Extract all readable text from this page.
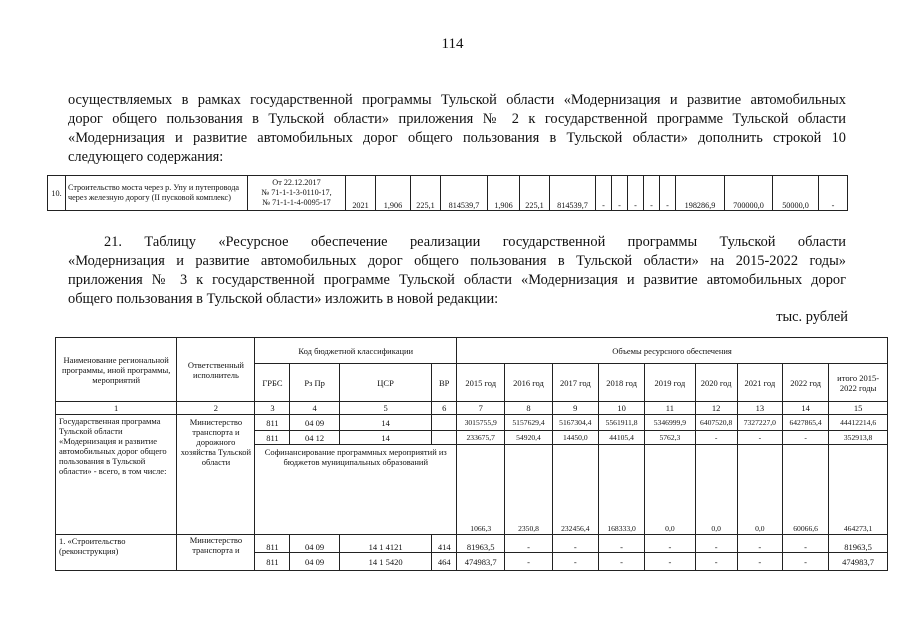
114

осуществляемых в рамках государственной программы Тульской области «Модернизация и развитие автомобильных

дорог общего пользования в Тульской области» приложения № 2 к государственной программе Тульской области

«Модернизация и развитие автомобильных дорог общего пользования в Тульской области» дополнить строкой 10

следующего содержания:

10.	Строительство моста через р. Упу и путепровода через железную дорогу (II пусковой комплекс)	
От 22.12.2017
№ 71-1-1-3-0110-17,
№ 71-1-1-4-0095-17	2021	1,906	225,1	814539,7	1,906	225,1	814539,7	-	-	-	-	-	198286,9	700000,0	50000,0	-

21. Таблицу «Ресурсное обеспечение реализации государственной программы Тульской области

«Модернизация и развитие автомобильных дорог общего пользования в Тульской области» на 2015-2022 годы»

приложения № 3 к государственной программе Тульской области «Модернизация и развитие автомобильных дорог

общего пользования в Тульской области» изложить в новой редакции:

тыс. рублей
Наименование региональной программы, иной программы, мероприятий	Ответственный исполнитель	Код бюджетной классификации				Объемы ресурсного обеспечения								
		ГРБС	Рз Пр	ЦСР	ВР	2015 год	2016 год	2017 год	2018 год	2019 год	2020 год	2021 год	2022 год	итого 2015-2022 годы
1	2	3	4	5	6	7	8	9	10	11	12	13	14	15
Государственная программа Тульской области «Модернизация и развитие автомобильных дорог общего пользования в Тульской области» - всего, в том числе:	Министерство транспорта и дорожного хозяйства Тульской области	811	04 09	14		3015755,9	5157629,4	5167304,4	5561911,8	5346999,9	6407520,8	7327227,0	6427865,4	44412214,6
		811	04 12	14		233675,7	54920,4	14450,0	44105,4	5762,3	-	-	-	352913,8
		Софинансирование программных мероприятий из бюджетов муниципальных образований				1066,3	2350,8	232456,4	168333,0	0,0	0,0	0,0	60066,6	464273,1
1. «Строительство (реконструкция)	Министерство транспорта и	811	04 09	14 1 4121	414	81963,5	-	-	-	-	-	-	-	81963,5
		811	04 09	14 1 5420	464	474983,7	-	-	-	-	-	-	-	474983,7
